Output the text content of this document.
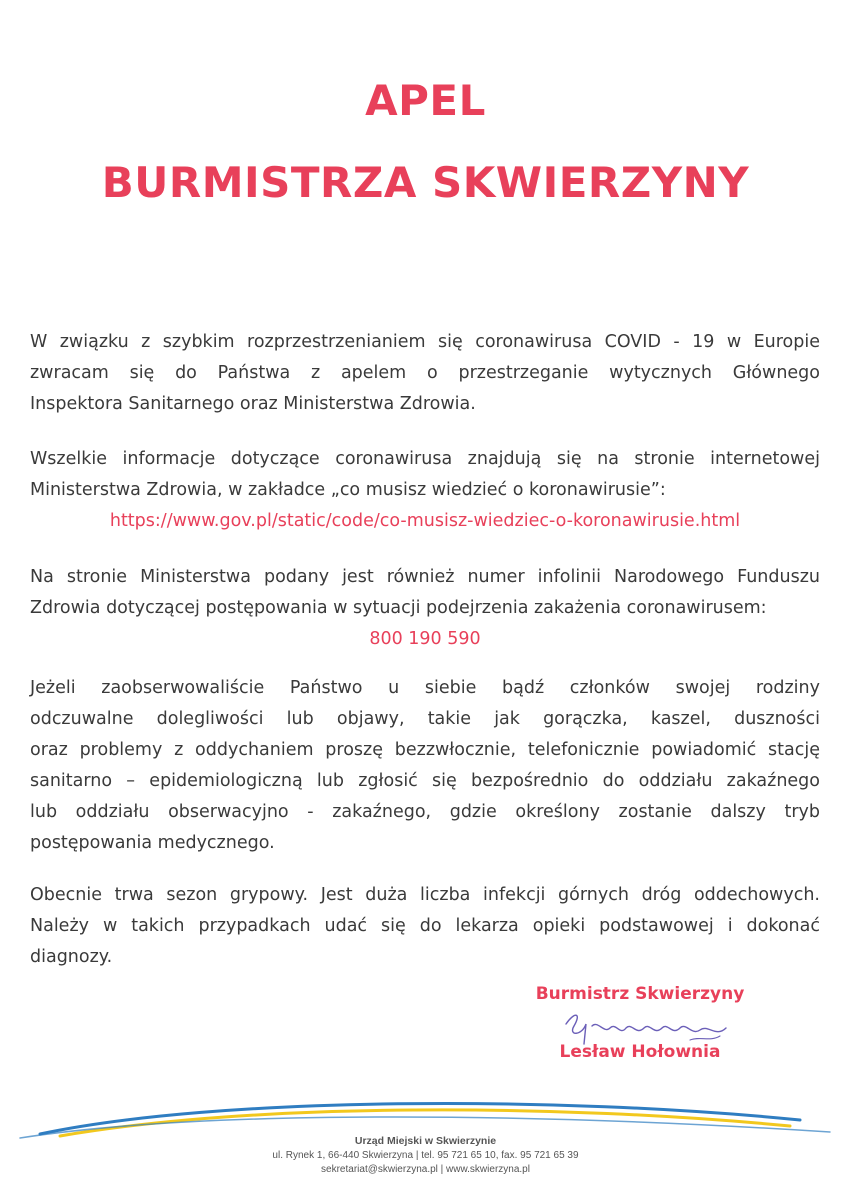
APEL
BURMISTRZA SKWIERZYNY

W związku z szybkim rozprzestrzenianiem się coronawirusa COVID - 19 w Europie
zwracam się do Państwa z apelem o przestrzeganie wytycznych Głównego
Inspektora Sanitarnego oraz Ministerstwa Zdrowia.

Wszelkie informacje dotyczące coronawirusa znajdują się na stronie internetowej
Ministerstwa Zdrowia, w zakładce „co musisz wiedzieć o koronawirusie”:
https://www.gov.pl/static/code/co-musisz-wiedziec-o-koronawirusie.html

Na stronie Ministerstwa podany jest również numer infolinii Narodowego Funduszu
Zdrowia dotyczącej postępowania w sytuacji podejrzenia zakażenia coronawirusem:
800 190 590

Jeżeli zaobserwowaliście Państwo u siebie bądź członków swojej rodziny
odczuwalne dolegliwości lub objawy, takie jak gorączka, kaszel, duszności
oraz problemy z oddychaniem proszę bezzwłocznie, telefonicznie powiadomić stację
sanitarno – epidemiologiczną lub zgłosić się bezpośrednio do oddziału zakaźnego
lub oddziału obserwacyjno - zakaźnego, gdzie określony zostanie dalszy tryb
postępowania medycznego.

Obecnie trwa sezon grypowy. Jest duża liczba infekcji górnych dróg oddechowych.
Należy w takich przypadkach udać się do lekarza opieki podstawowej i dokonać
diagnozy.

Burmistrz Skwierzyny
Lesław Hołownia
Urząd Miejski w Skwierzynie
ul. Rynek 1, 66-440 Skwierzyna | tel. 95 721 65 10, fax. 95 721 65 39
sekretariat@skwierzyna.pl | www.skwierzyna.pl
